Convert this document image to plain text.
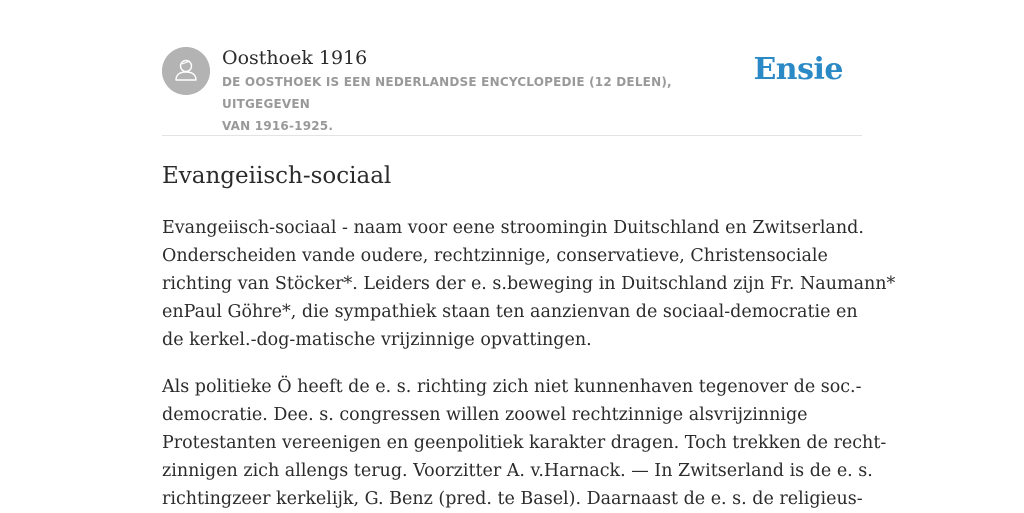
Oosthoek 1916
DE OOSTHOEK IS EEN NEDERLANDSE ENCYCLOPEDIE (12 DELEN), UITGEGEVEN
VAN 1916-1925.
Ensie
Evangeiisch-sociaal

Evangeiisch-sociaal - naam voor eene stroomingin Duitschland en Zwitserland.
Onderscheiden vande oudere, rechtzinnige, conservatieve, Christensociale
richting van Stöcker*. Leiders der e. s.beweging in Duitschland zijn Fr. Naumann*
enPaul Göhre*, die sympathiek staan ten aanzienvan de sociaal-democratie en
de kerkel.-dog-matische vrijzinnige opvattingen.

Als politieke Ö heeft de e. s. richting zich niet kunnenhaven tegenover de soc.-
democratie. Dee. s. congressen willen zoowel rechtzinnige alsvrijzinnige
Protestanten vereenigen en geenpolitiek karakter dragen. Toch trekken de recht-
zinnigen zich allengs terug. Voorzitter A. v.Harnack. — In Zwitserland is de e. s.
richtingzeer kerkelijk, G. Benz (pred. te Basel). Daarnaast de e. s. de religieus-
